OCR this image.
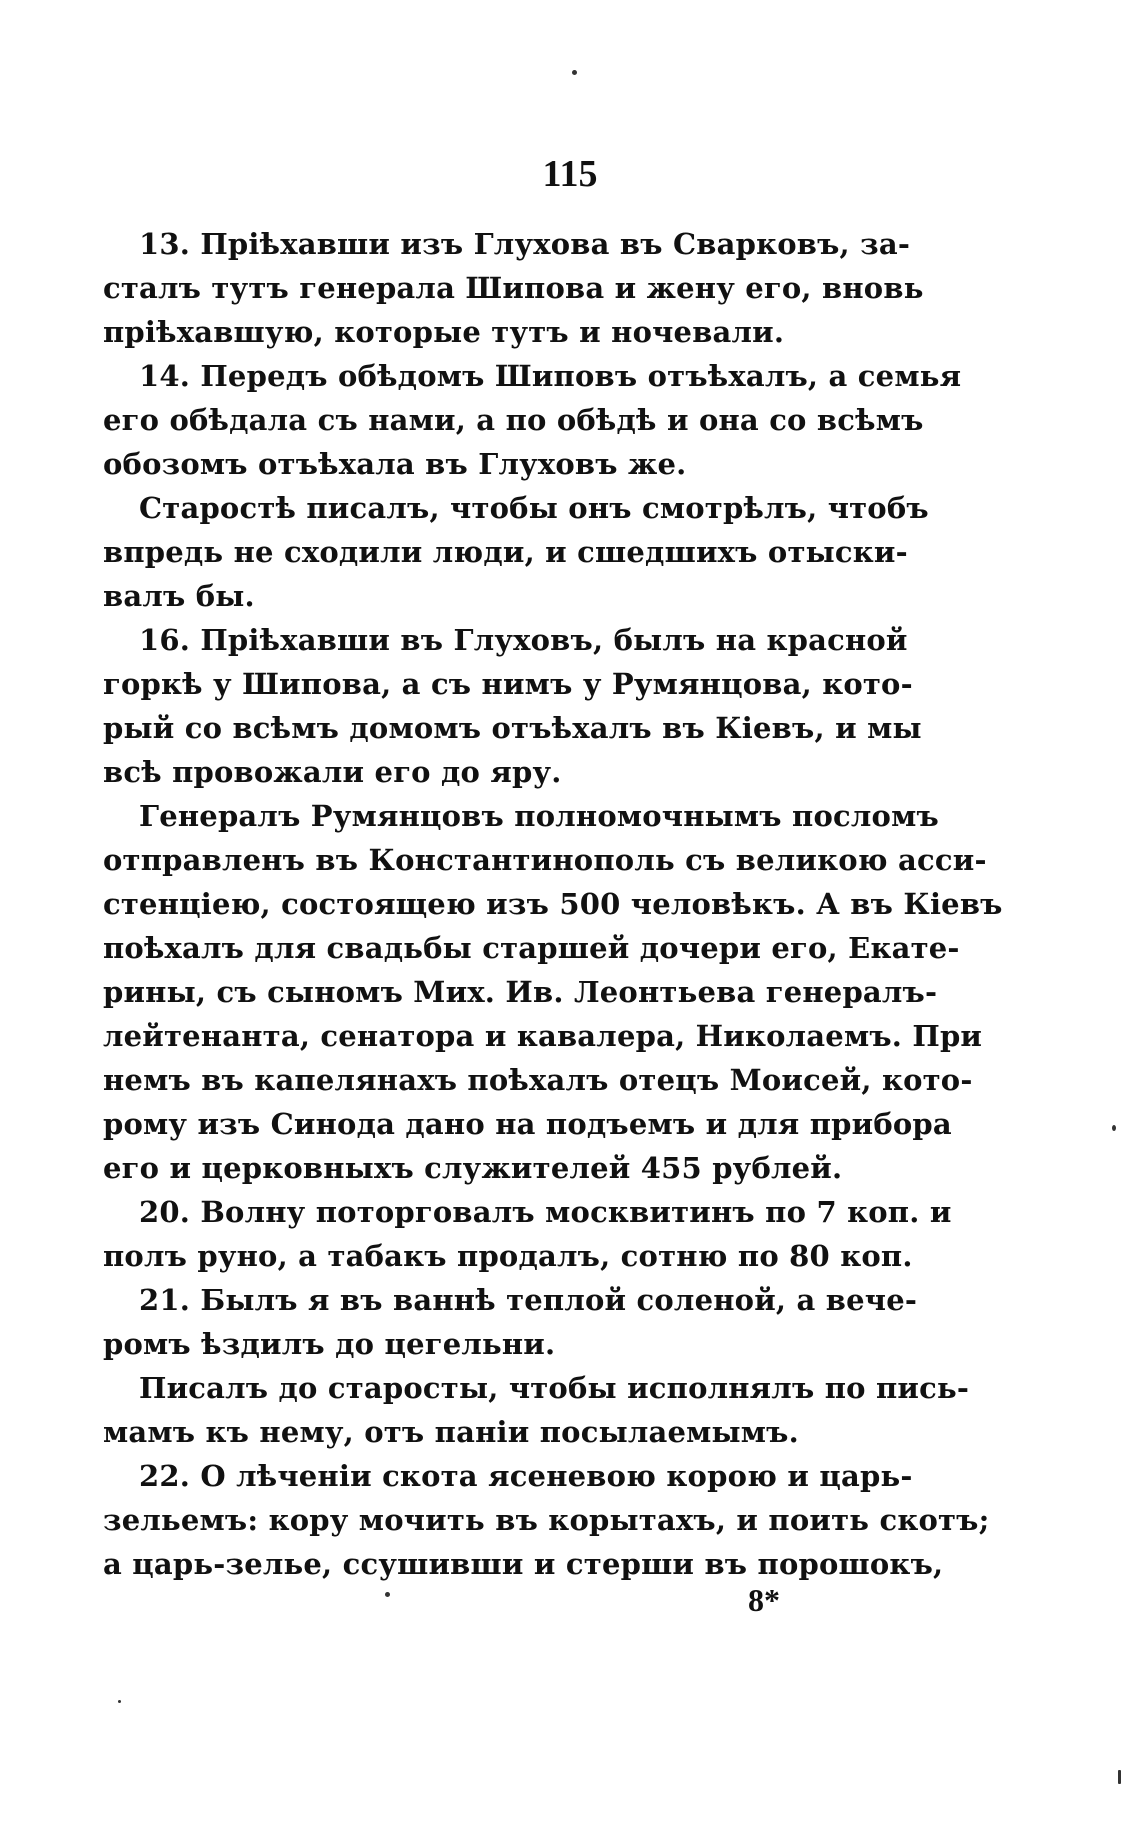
115
13. Пріѣхавши изъ Глухова въ Сварковъ, за-
сталъ тутъ генерала Шипова и жену его, вновь
пріѣхавшую, которые тутъ и ночевали.
14. Передъ обѣдомъ Шиповъ отъѣхалъ, а семья
его обѣдала съ нами, а по обѣдѣ и она со всѣмъ
обозомъ отъѣхала въ Глуховъ же.
Старостѣ писалъ, чтобы онъ смотрѣлъ, чтобъ
впредь не сходили люди, и сшедшихъ отыски-
валъ бы.
16. Пріѣхавши въ Глуховъ, былъ на красной
горкѣ у Шипова, а съ нимъ у Румянцова, кото-
рый со всѣмъ домомъ отъѣхалъ въ Кіевъ, и мы
всѣ провожали его до яру.
Генералъ Румянцовъ полномочнымъ посломъ
отправленъ въ Константинополь съ великою асси-
стенціею, состоящею изъ 500 человѣкъ. А въ Кіевъ
поѣхалъ для свадьбы старшей дочери его, Екате-
рины, съ сыномъ Мих. Ив. Леонтьева генералъ-
лейтенанта, сенатора и кавалера, Николаемъ. При
немъ въ капелянахъ поѣхалъ отецъ Моисей, кото-
рому изъ Синода дано на подъемъ и для прибора
его и церковныхъ служителей 455 рублей.
20. Волну поторговалъ москвитинъ по 7 коп. и
полъ руно, а табакъ продалъ, сотню по 80 коп.
21. Былъ я въ ваннѣ теплой соленой, а вече-
ромъ ѣздилъ до цегельни.
Писалъ до старосты, чтобы исполнялъ по пись-
мамъ къ нему, отъ паніи посылаемымъ.
22. О лѣченіи скота ясеневою корою и царь-
зельемъ: кору мочить въ корытахъ, и поить скотъ;
а царь-зелье, ссушивши и стерши въ порошокъ,
8*
